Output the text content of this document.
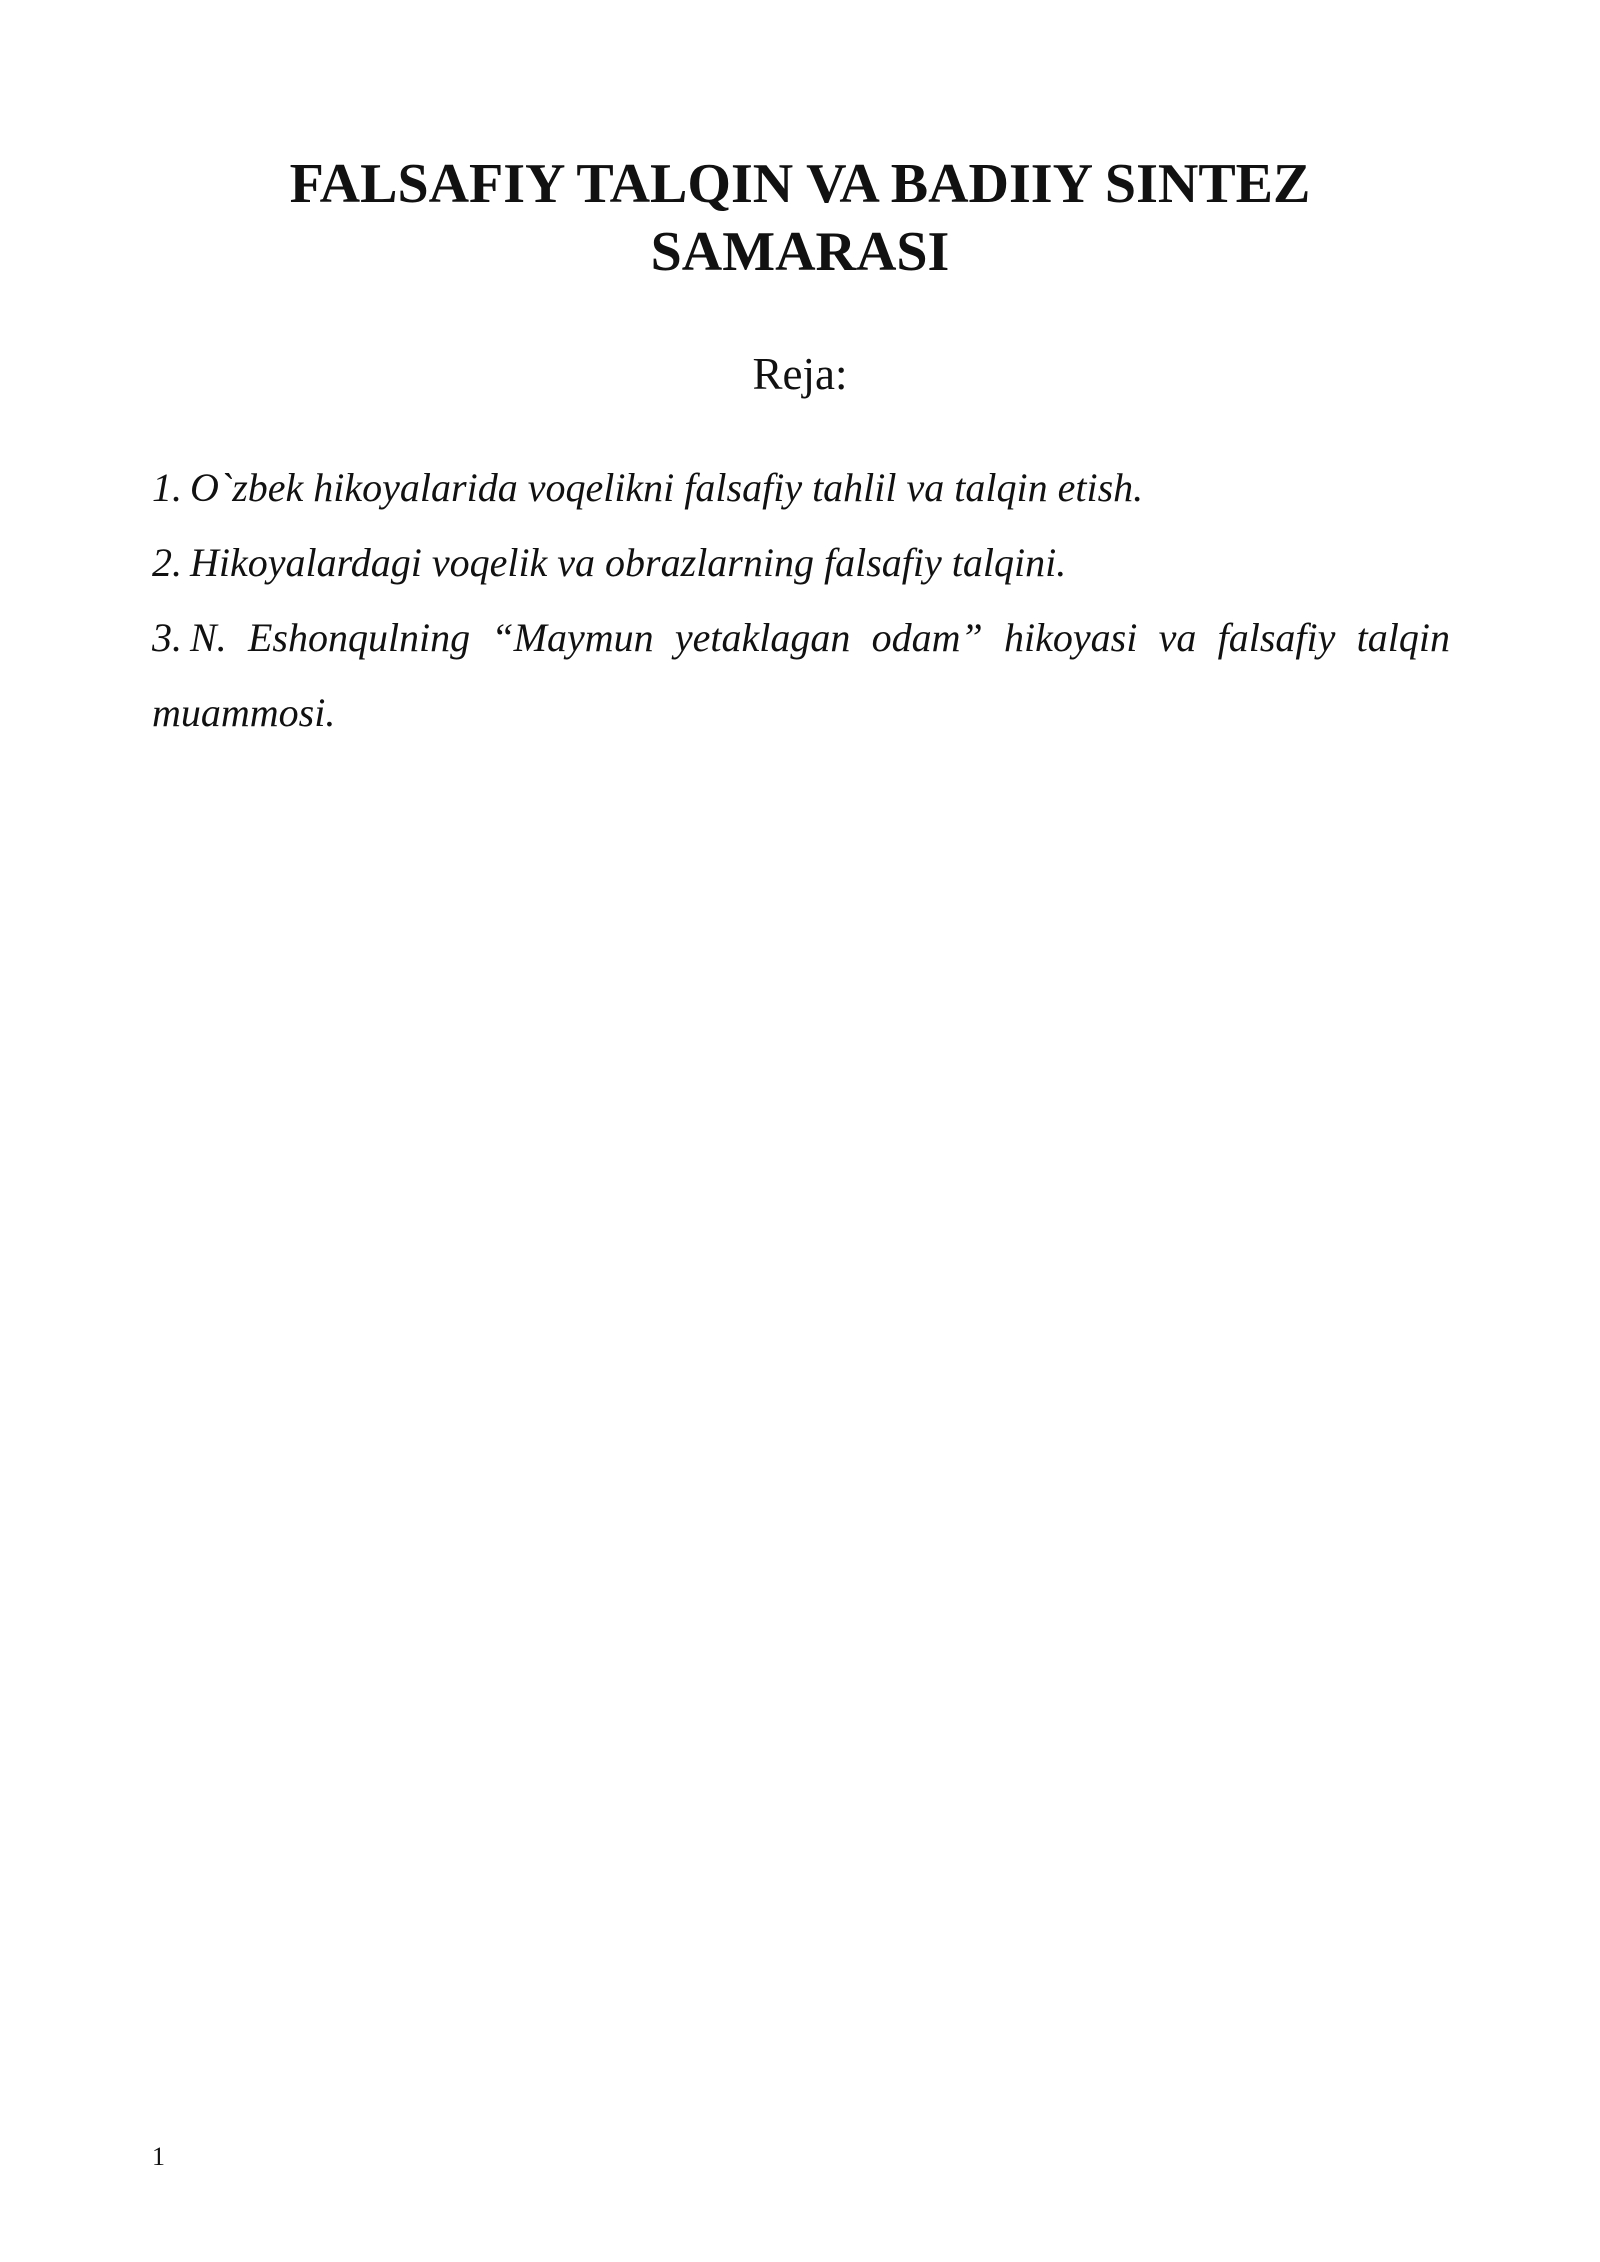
FALSAFIY TALQIN VA BADIIY SINTEZ
SAMARASI

Reja:

1. O`zbek hikoyalarida voqelikni falsafiy tahlil va talqin etish.
2. Hikoyalardagi voqelik va obrazlarning falsafiy talqini.
3. N. Eshonqulning “Maymun yetaklagan odam” hikoyasi va falsafiy talqin muammosi.
1
